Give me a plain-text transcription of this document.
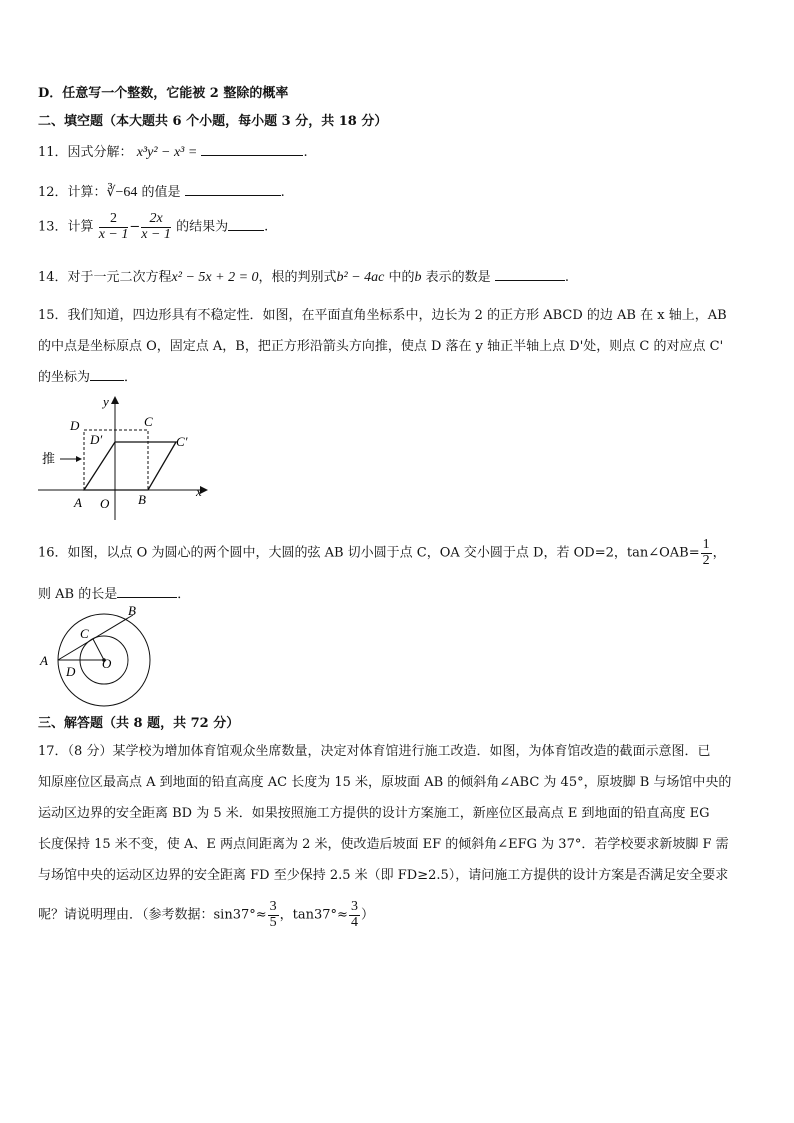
D．任意写一个整数，它能被 2 整除的概率
二、填空题（本大题共 6 个小题，每小题 3 分，共 18 分）
11．因式分解： x³y² − x³ =	.
12．计算：∛−64 的值是	.
13．计算 $\frac{2}{x - 1} - \frac{2x}{x - 1}$ 的结果为	.
14．对于一元二次方程x² − 5x + 2 = 0，根的判别式b² − 4ac 中的b 表示的数是	.
15．我们知道，四边形具有不稳定性．如图，在平面直角坐标系中，边长为 2 的正方形 ABCD 的边 AB 在 x 轴上，AB
的中点是坐标原点 O，固定点 A，B，把正方形沿箭头方向推，使点 D 落在 y 轴正半轴上点 D'处，则点 C 的对应点 C'
的坐标为	．
推
y
x
D	C
D′	C′
A O B
16．如图，以点 O 为圆心的两个圆中，大圆的弦 AB 切小圆于点 C，OA 交小圆于点 D，若 OD=2，tan∠OAB= $\frac{1}{2}$ ，
则 AB 的长是	．
A
B
C
D
O
三、解答题（共 8 题，共 72 分）
17．（8 分）某学校为增加体育馆观众坐席数量，决定对体育馆进行施工改造．如图，为体育馆改造的截面示意图．已
知原座位区最高点 A 到地面的铅直高度 AC 长度为 15 米，原坡面 AB 的倾斜角∠ABC 为 45°，原坡脚 B 与场馆中央的
运动区边界的安全距离 BD 为 5 米．如果按照施工方提供的设计方案施工，新座位区最高点 E 到地面的铅直高度 EG
长度保持 15 米不变，使 A、E 两点间距离为 2 米，使改造后坡面 EF 的倾斜角∠EFG 为 37°．若学校要求新坡脚 F 需
与场馆中央的运动区边界的安全距离 FD 至少保持 2.5 米（即 FD≥2.5），请问施工方提供的设计方案是否满足安全要求
呢？请说明理由．（参考数据：$\sin 37^\circ\approx \frac{3}{5}$ ，$\tan 37^\circ\approx \frac{3}{4}$ ）
